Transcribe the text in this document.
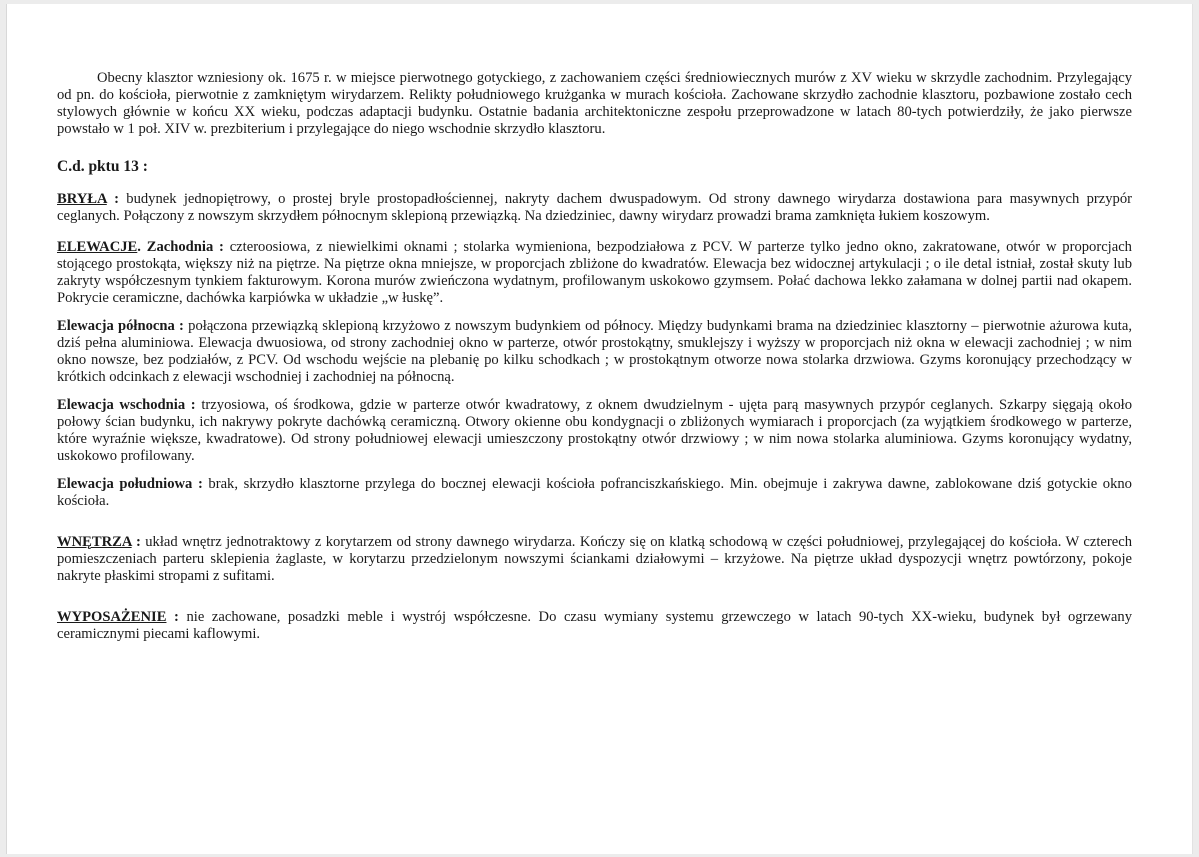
Obecny klasztor wzniesiony ok. 1675 r. w miejsce pierwotnego gotyckiego, z zachowaniem części średniowiecznych murów z XV wieku w skrzydle zachodnim. Przylegający od pn. do kościoła, pierwotnie z zamkniętym wirydarzem. Relikty południowego krużganka w murach kościoła. Zachowane skrzydło zachodnie klasztoru, pozbawione zostało cech stylowych głównie w końcu XX wieku, podczas adaptacji budynku. Ostatnie badania architektoniczne zespołu przeprowadzone w latach 80-tych potwierdziły, że jako pierwsze powstało w 1 poł. XIV w. prezbiterium i przylegające do niego wschodnie skrzydło klasztoru.

C.d. pktu 13 :

BRYŁA : budynek jednopiętrowy, o prostej bryle prostopadłościennej, nakryty dachem dwuspadowym. Od strony dawnego wirydarza dostawiona para masywnych przypór ceglanych. Połączony z nowszym skrzydłem północnym sklepioną przewiązką. Na dziedziniec, dawny wirydarz prowadzi brama zamknięta łukiem koszowym.

ELEWACJE. Zachodnia : czteroosiowa, z niewielkimi oknami ; stolarka wymieniona, bezpodziałowa z PCV. W parterze tylko jedno okno, zakratowane, otwór w proporcjach stojącego prostokąta, większy niż na piętrze. Na piętrze okna mniejsze, w proporcjach zbliżone do kwadratów. Elewacja bez widocznej artykulacji ; o ile detal istniał, został skuty lub zakryty współczesnym tynkiem fakturowym. Korona murów zwieńczona wydatnym, profilowanym uskokowo gzymsem. Połać dachowa lekko załamana w dolnej partii nad okapem. Pokrycie ceramiczne, dachówka karpiówka w układzie „w łuskę”.

Elewacja północna : połączona przewiązką sklepioną krzyżowo z nowszym budynkiem od północy. Między budynkami brama na dziedziniec klasztorny – pierwotnie ażurowa kuta, dziś pełna aluminiowa. Elewacja dwuosiowa, od strony zachodniej okno w parterze, otwór prostokątny, smuklejszy i wyższy w proporcjach niż okna w elewacji zachodniej ; w nim okno nowsze, bez podziałów, z PCV. Od wschodu wejście na plebanię po kilku schodkach ; w prostokątnym otworze nowa stolarka drzwiowa. Gzyms koronujący przechodzący w krótkich odcinkach z elewacji wschodniej i zachodniej na północną.

Elewacja wschodnia : trzyosiowa, oś środkowa, gdzie w parterze otwór kwadratowy, z oknem dwudzielnym - ujęta parą masywnych przypór ceglanych. Szkarpy sięgają około połowy ścian budynku, ich nakrywy pokryte dachówką ceramiczną. Otwory okienne obu kondygnacji o zbliżonych wymiarach i proporcjach (za wyjątkiem środkowego w parterze, które wyraźnie większe, kwadratowe). Od strony południowej elewacji umieszczony prostokątny otwór drzwiowy ; w nim nowa stolarka aluminiowa. Gzyms koronujący wydatny, uskokowo profilowany.

Elewacja południowa : brak, skrzydło klasztorne przylega do bocznej elewacji kościoła pofranciszkańskiego. Min. obejmuje i zakrywa dawne, zablokowane dziś gotyckie okno kościoła.

WNĘTRZA : układ wnętrz jednotraktowy z korytarzem od strony dawnego wirydarza. Kończy się on klatką schodową w części południowej, przylegającej do kościoła. W czterech pomieszczeniach parteru sklepienia żaglaste, w korytarzu przedzielonym nowszymi ściankami działowymi – krzyżowe. Na piętrze układ dyspozycji wnętrz powtórzony, pokoje nakryte płaskimi stropami z sufitami.

WYPOSAŻENIE : nie zachowane, posadzki meble i wystrój współczesne. Do czasu wymiany systemu grzewczego w latach 90-tych XX-wieku, budynek był ogrzewany ceramicznymi piecami kaflowymi.
